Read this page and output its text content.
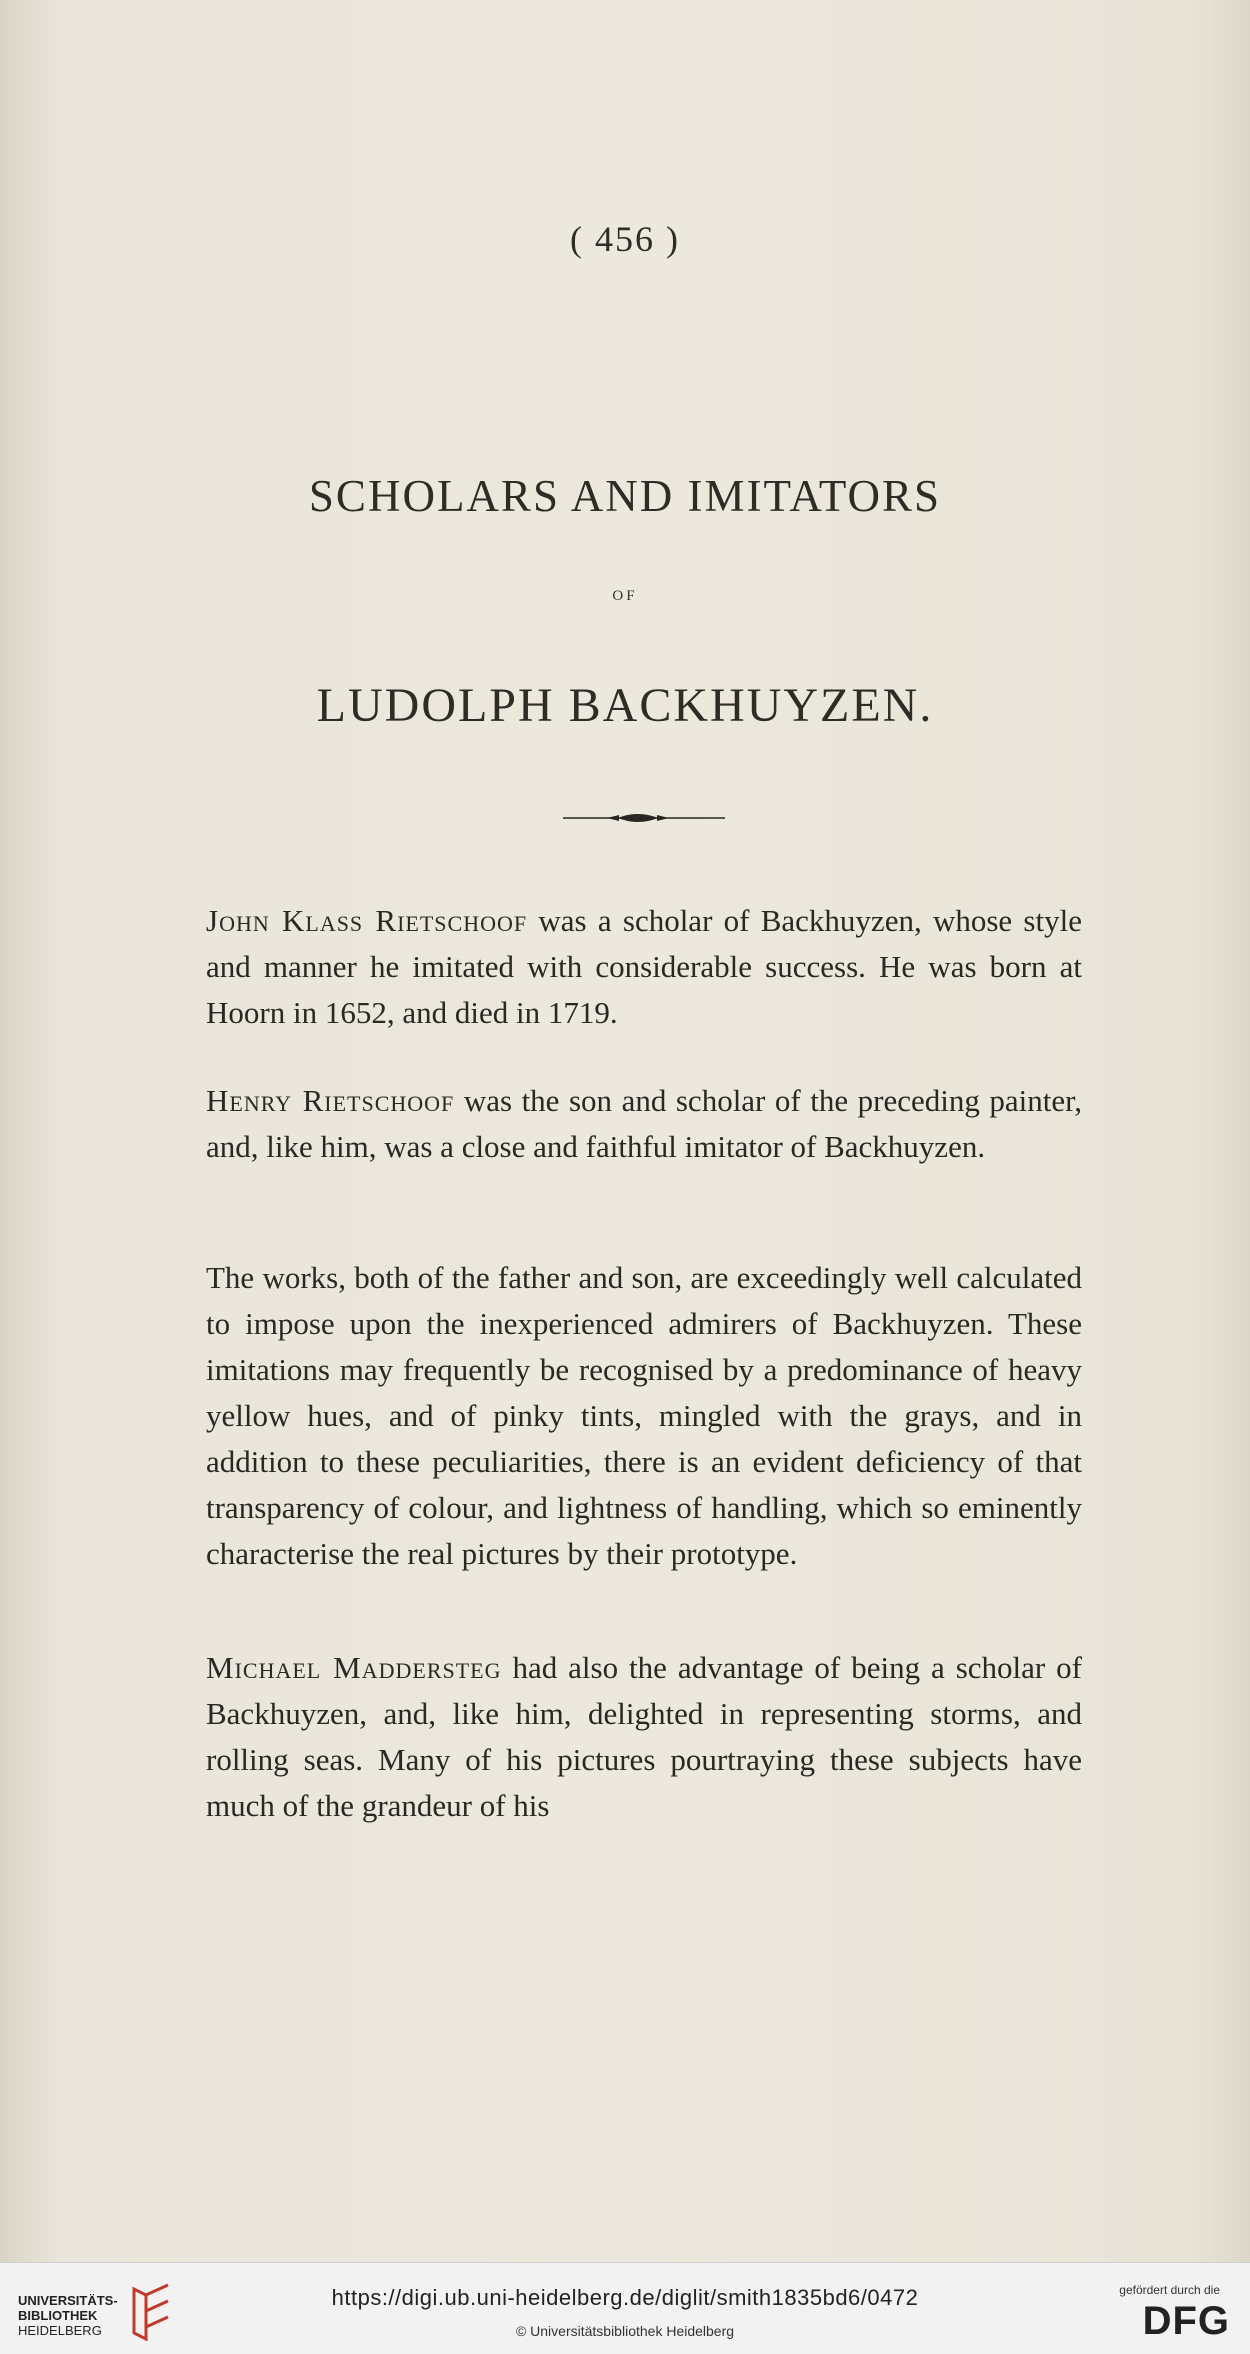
( 456 )
SCHOLARS AND IMITATORS
OF
LUDOLPH BACKHUYZEN.
John Klass Rietschoof was a scholar of Backhuyzen, whose style and manner he imitated with considerable success. He was born at Hoorn in 1652, and died in 1719.
Henry Rietschoof was the son and scholar of the preceding painter, and, like him, was a close and faithful imitator of Backhuyzen.
The works, both of the father and son, are exceedingly well calculated to impose upon the inexperienced admirers of Backhuyzen. These imitations may frequently be recognised by a predominance of heavy yellow hues, and of pinky tints, mingled with the grays, and in addition to these peculiarities, there is an evident deficiency of that transparency of colour, and lightness of handling, which so eminently characterise the real pictures by their prototype.
Michael Maddersteg had also the advantage of being a scholar of Backhuyzen, and, like him, delighted in representing storms, and rolling seas. Many of his pictures pourtraying these subjects have much of the grandeur of his
UNIVERSITÄTS-
BIBLIOTHEK
HEIDELBERG
https://digi.ub.uni-heidelberg.de/diglit/smith1835bd6/0472
© Universitätsbibliothek Heidelberg
gefördert durch die
DFG
